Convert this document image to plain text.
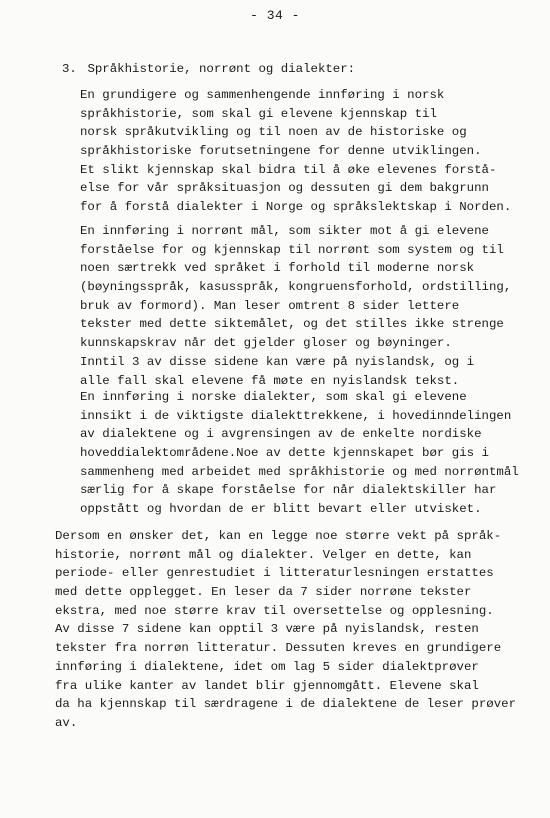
- 34 -
3. Språkhistorie, norrønt og dialekter:
En grundigere og sammenhengende innføring i norsk
språkhistorie, som skal gi elevene kjennskap til
norsk språkutvikling og til noen av de historiske og
språkhistoriske forutsetningene for denne utviklingen.
Et slikt kjennskap skal bidra til å øke elevenes forstå-
else for vår språksituasjon og dessuten gi dem bakgrunn
for å forstå dialekter i Norge og språkslektskap i Norden.
En innføring i norrønt mål, som sikter mot å gi elevene
forståelse for og kjennskap til norrønt som system og til
noen særtrekk ved språket i forhold til moderne norsk
(bøyningsspråk, kasusspråk, kongruensforhold, ordstilling,
bruk av formord). Man leser omtrent 8 sider lettere
tekster med dette siktemålet, og det stilles ikke strenge
kunnskapskrav når det gjelder gloser og bøyninger.
Inntil 3 av disse sidene kan være på nyislandsk, og i
alle fall skal elevene få møte en nyislandsk tekst.
En innføring i norske dialekter, som skal gi elevene
innsikt i de viktigste dialekttrekkene, i hovedinndelingen
av dialektene og i avgrensingen av de enkelte nordiske
hoveddialektområdene.Noe av dette kjennskapet bør gis i
sammenheng med arbeidet med språkhistorie og med norrøntmål
særlig for å skape forståelse for når dialektskiller har
oppstått og hvordan de er blitt bevart eller utvisket.
Dersom en ønsker det, kan en legge noe større vekt på språk-
historie, norrønt mål og dialekter. Velger en dette, kan
periode- eller genrestudiet i litteraturlesningen erstattes
med dette opplegget. En leser da 7 sider norrøne tekster
ekstra, med noe større krav til oversettelse og opplesning.
Av disse 7 sidene kan opptil 3 være på nyislandsk, resten
tekster fra norrøn litteratur. Dessuten kreves en grundigere
innføring i dialektene, idet om lag 5 sider dialektprøver
fra ulike kanter av landet blir gjennomgått. Elevene skal
da ha kjennskap til særdragene i de dialektene de leser prøver
av.
